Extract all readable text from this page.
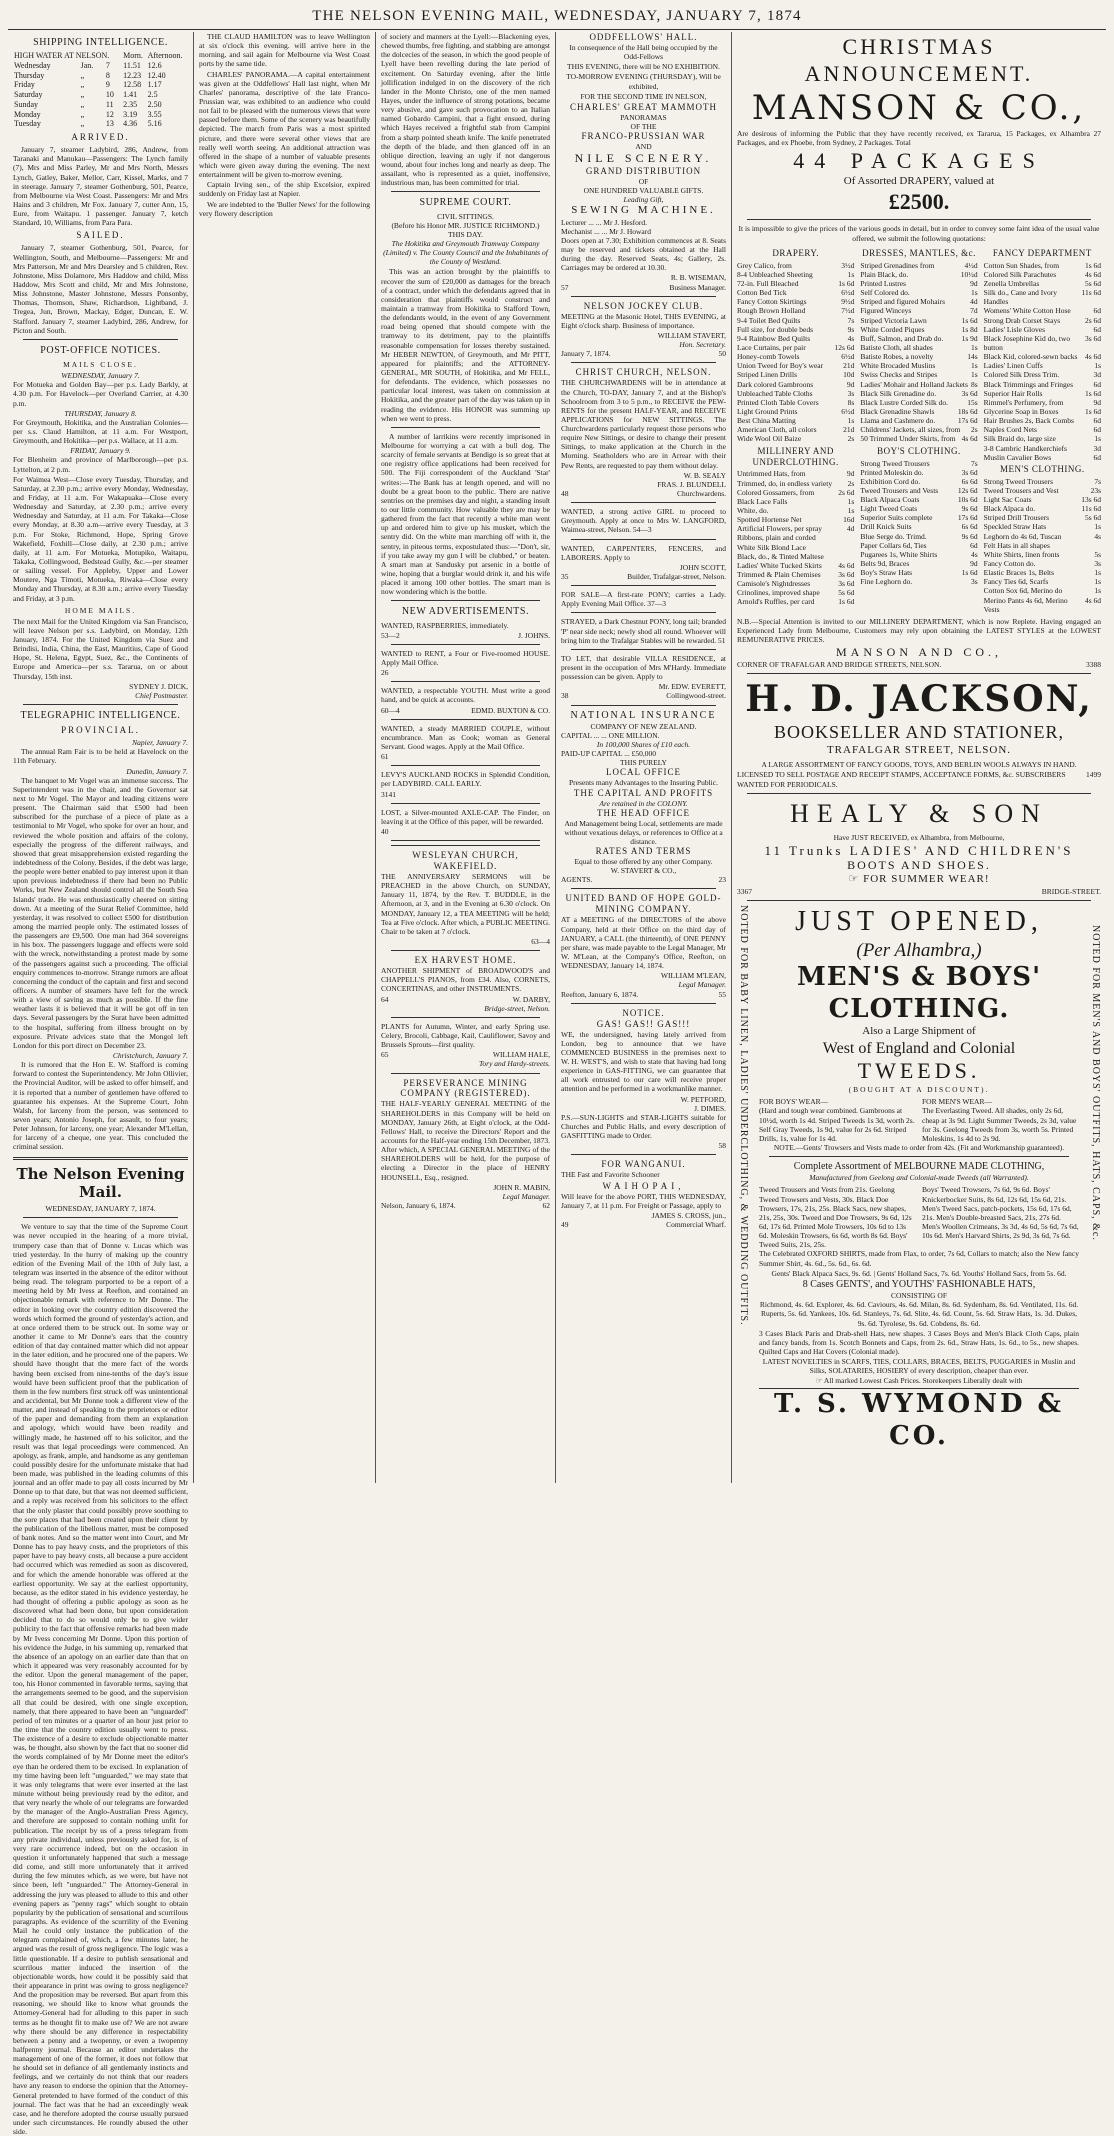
THE NELSON EVENING MAIL, WEDNESDAY, JANUARY 7, 1874
SHIPPING INTELLIGENCE.
HIGH WATER AT NELSON.			Morn.	Afternoon.
Wednesday	Jan.	7	11.51	12.6
Thursday	„	8	12.23	12.40
Friday	„	9	12.58	1.17
Saturday	„	10	1.41	2.5
Sunday	„	11	2.35	2.50
Monday	„	12	3.19	3.55
Tuesday	„	13	4.36	5.16
ARRIVED.

January 7, steamer Ladybird, 286, Andrew, from Taranaki and Manukau—Passengers: The Lynch family (7), Mrs and Miss Parley, Mr and Mrs North, Messrs Lynch, Gatley, Baker, Mellor, Carr, Kissel, Marks, and 7 in steerage. January 7, steamer Gothenburg, 501, Pearce, from Melbourne via West Coast. Passengers: Mr and Mrs Hains and 3 children, Mr Fox. January 7, cutter Ann, 15, Eure, from Waitapu. 1 passenger. January 7, ketch Standard, 10, Williams, from Para Para.

SAILED.

January 7, steamer Gothenburg, 501, Pearce, for Wellington, South, and Melbourne—Passengers: Mr and Mrs Patterson, Mr and Mrs Dearsley and 5 children, Rev. Johnstone, Miss Dolamore, Mrs Haddow and child, Miss Haddow, Mrs Scott and child, Mr and Mrs Johnstone, Miss Johnstone, Master Johnstone, Messrs Ponsonby, Thomas, Thomson, Shaw, Richardson, Lightband, J. Tregea, Jun, Brown, Mackay, Edger, Duncan, E. W. Stafford. January 7, steamer Ladybird, 286, Andrew, for Picton and South.

POST-OFFICE NOTICES.
MAILS CLOSE.
WEDNESDAY, January 7.

For Motueka and Golden Bay—per p.s. Lady Barkly, at 4.30 p.m. For Havelock—per Overland Carrier, at 4.30 p.m.

THURSDAY, January 8.

For Greymouth, Hokitika, and the Australian Colonies—per s.s. Claud Hamilton, at 11 a.m. For Westport, Greymouth, and Hokitika—per p.s. Wallace, at 11 a.m.

FRIDAY, January 9.

For Blenheim and province of Marlborough—per p.s. Lyttelton, at 2 p.m.

For Waimea West—Close every Tuesday, Thursday, and Saturday, at 2.30 p.m.; arrive every Monday, Wednesday, and Friday, at 11 a.m. For Wakapuaka—Close every Wednesday and Saturday, at 2.30 p.m.; arrive every Wednesday and Saturday, at 11 a.m. For Takaka—Close every Monday, at 8.30 a.m—arrive every Tuesday, at 3 p.m. For Stoke, Richmond, Hope, Spring Grove Wakefield, Foxhill—Close daily, at 2.30 p.m.; arrive daily, at 11 a.m. For Motueka, Motupiko, Waitapu, Takaka, Collingwood, Bedstead Gully, &c.—per steamer or sailing vessel. For Appleby, Upper and Lower Moutere, Nga Tímoti, Motueka, Riwaka—Close every Monday and Thursday, at 8.30 a.m.; arrive every Tuesday and Friday, at 3 p.m.

HOME MAILS.

The next Mail for the United Kingdom via San Francisco, will leave Nelson per s.s. Ladybird, on Monday, 12th January, 1874. For the United Kingdom via Suez and Brindisi, India, China, the East, Mauritius, Cape of Good Hope, St. Helena, Egypt, Suez, &c., the Continents of Europe and America—per s.s. Tararua, on or about Thursday, 15th inst.

SYDNEY J. DICK,
Chief Postmaster.
TELEGRAPHIC INTELLIGENCE.
PROVINCIAL.
Napier, January 7.

The annual Ram Fair is to be held at Havelock on the 11th February.

Dunedin, January 7.

The banquet to Mr Vogel was an immense success. The Superintendent was in the chair, and the Governor sat next to Mr Vogel. The Mayor and leading citizens were present. The Chairman said that £500 had been subscribed for the purchase of a piece of plate as a testimonial to Mr Vogel, who spoke for over an hour, and reviewed the whole position and affairs of the colony, especially the progress of the different railways, and showed that great misapprehension existed regarding the indebtedness of the Colony. Besides, if the debt was large, the people were better enabled to pay interest upon it than upon previous indebtedness if there had been no Public Works, but New Zealand should control all the South Sea Islands' trade. He was enthusiastically cheered on sitting down. At a meeting of the Surat Relief Committee, held yesterday, it was resolved to collect £500 for distribution among the married people only. The estimated losses of the passengers are £9,500. One man had 364 sovereigns in his box. The passengers luggage and effects were sold with the wreck, notwithstanding a protest made by some of the passengers against such a proceeding. The official enquiry commences to-morrow. Strange rumors are afloat concerning the conduct of the captain and first and second officers. A number of steamers have left for the wreck with a view of saving as much as possible. If the fine weather lasts it is believed that it will be got off in ten days. Several passengers by the Surat have been admitted to the hospital, suffering from illness brought on by exposure. Private advices state that the Mongol left London for this port direct on December 23.

Christchurch, January 7.

It is rumored that the Hon E. W. Stafford is coming forward to contest the Superintendency. Mr John Ollivier, the Provincial Auditor, will be asked to offer himself, and it is reported that a number of gentlemen have offered to guarantee his expenses. At the Supreme Court, John Walsh, for larceny from the person, was sentenced to seven years; Antonio Joseph, for assault, to four years; Peter Johnson, for larceny, one year; Alexander M'Lellan, for larceny of a cheque, one year. This concluded the criminal session.

The Nelson Evening Mail.
WEDNESDAY, JANUARY 7, 1874.

We venture to say that the time of the Supreme Court was never occupied in the hearing of a more trivial, trumpery case than that of Donne v. Lucas which was tried yesterday. In the hurry of making up the country edition of the Evening Mail of the 10th of July last, a telegram was inserted in the absence of the editor without being read. The telegram purported to be a report of a meeting held by Mr Ivess at Reefton, and contained an objectionable remark with reference to Mr Donne. The editor in looking over the country edition discovered the words which formed the ground of yesterday's action, and at once ordered them to be struck out. In some way or another it came to Mr Donne's ears that the country edition of that day contained matter which did not appear in the later edition, and he procured one of the papers. We should have thought that the mere fact of the words having been excised from nine-tenths of the day's issue would have been sufficient proof that the publication of them in the few numbers first struck off was unintentional and accidental, but Mr Donne took a different view of the matter, and instead of speaking to the proprietors or editor of the paper and demanding from them an explanation and apology, which would have been readily and willingly made, he hastened off to his solicitor, and the result was that legal proceedings were commenced. An apology, as frank, ample, and handsome as any gentleman could possibly desire for the unfortunate mistake that had been made, was published in the leading columns of this journal and an offer made to pay all costs incurred by Mr Donne up to that date, but that was not deemed sufficient, and a reply was received from his solicitors to the effect that the only plaster that could possibly prove soothing to the sore places that had been created upon their client by the publication of the libellous matter, must be composed of bank notes. And so the matter went into Court, and Mr Donne has to pay heavy costs, and the proprietors of this paper have to pay heavy costs, all because a pure accident had occurred which was remedied as soon as discovered, and for which the amende honorable was offered at the earliest opportunity. We say at the earliest opportunity, because, as the editor stated in his evidence yesterday, he had thought of offering a public apology as soon as he discovered what had been done, but upon consideration decided that to do so would only be to give wider publicity to the fact that offensive remarks had been made by Mr Ivess concerning Mr Donne. Upon this portion of his evidence the Judge, in his summing up, remarked that the absence of an apology on an earlier date than that on which it appeared was very reasonably accounted for by the editor. Upon the general management of the paper, too, his Honor commented in favorable terms, saying that the arrangements seemed to be good, and the supervision all that could be desired, with one single exception, namely, that there appeared to have been an "unguarded" period of ten minutes or a quarter of an hour just prior to the time that the country edition usually went to press. The existence of a desire to exclude objectionable matter was, he thought, also shown by the fact that no sooner did the words complained of by Mr Donne meet the editor's eye than he ordered them to be excised. In explanation of my time having been left "unguarded," we may state that it was only telegrams that were ever inserted at the last minute without being previously read by the editor, and that very nearly the whole of our telegrams are forwarded by the manager of the Anglo-Australian Press Agency, and therefore are supposed to contain nothing unfit for publication. The receipt by us of a press telegram from any private individual, unless previously asked for, is of very rare occurrence indeed, but on the occasion in question it unfortunately happened that such a message did come, and still more unfortunately that it arrived during the few minutes which, as we were, but have not since been, left "unguarded." The Attorney-General in addressing the jury was pleased to allude to this and other evening papers as "penny rags" which sought to obtain popularity by the publication of sensational and scurrilous paragraphs. As evidence of the scurrility of the Evening Mail he could only instance the publication of the telegram complained of, which, a few minutes later, he argued was the result of gross negligence. The logic was a little questionable. If a desire to publish sensational and scurrilous matter induced the insertion of the objectionable words, how could it be possibly said that their appearance in print was owing to gross negligence? And the proposition may be reversed. But apart from this reasoning, we should like to know what grounds the Attorney-General had for alluding to this paper in such terms as he thought fit to make use of? We are not aware why there should be any difference in respectability between a penny and a twopenny, or even a twopenny halfpenny journal. Because an editor undertakes the management of one of the former, it does not follow that he should set in defiance of all gentlemanly instincts and feelings, and we certainly do not think that our readers have any reason to endorse the opinion that the Attorney-General pretended to have formed of the conduct of this journal. The fact was that he had an exceedingly weak case, and he therefore adopted the course usually pursued under such circumstances. He roundly abused the other side.

THE CLAUD HAMILTON was to leave Wellington at six o'clock this evening. will arrive here in the morning, and sail again for Melbourne via West Coast ports by the same tide.

CHARLES' PANORAMA.—A capital entertainment was given at the Oddfellows' Hall last night, when Mr Charles' panorama, descriptive of the late Franco-Prussian war, was exhibited to an audience who could not fail to be pleased with the numerous views that were passed before them. Some of the scenery was beautifully depicted. The march from Paris was a most spirited picture, and there were several other views that are really well worth seeing. An additional attraction was offered in the shape of a number of valuable presents which were given away during the evening. The next entertainment will be given to-morrow evening.

Captain Irving sen., of the ship Excelsior, expired suddenly on Friday last at Napier.

We are indebted to the 'Buller News' for the following very flowery description

of society and manners at the Lyell:—Blackening eyes, chewed thumbs, free fighting, and stabbing are amongst the dolcecies of the season, in which the good people of Lyell have been revelling during the late period of excitement. On Saturday evening, after the little jollification indulged in on the discovery of the rich lander in the Monte Christo, one of the men named Hayes, under the influence of strong potations, became very abusive, and gave such provocation to an Italian named Gobardo Campini, that a fight ensued, during which Hayes received a frightful stab from Campini from a sharp pointed sheath knife. The knife penetrated the depth of the blade, and then glanced off in an oblique direction, leaving an ugly if not dangerous wound, about four inches long and nearly as deep. The assailant, who is represented as a quiet, inoffensive, industrious man, has been committed for trial.

SUPREME COURT.
CIVIL SITTINGS.
(Before his Honor MR. JUSTICE RICHMOND.)
THIS DAY.

The Hokitika and Greymouth Tramway Company (Limited) v. The County Council and the Inhabitants of the County of Westland.

This was an action brought by the plaintiffs to recover the sum of £20,000 as damages for the breach of a contract, under which the defendants agreed that in consideration that plaintiffs would construct and maintain a tramway from Hokitika to Stafford Town, the defendants would, in the event of any Government road being opened that should compete with the tramway to its detriment, pay to the plaintiffs reasonable compensation for losses thereby sustained. Mr HEBER NEWTON, of Greymouth, and Mr PITT, appeared for plaintiffs; and the ATTORNEY-GENERAL, MR SOUTH, of Hokitika, and Mr FELL, for defendants. The evidence, which possesses no particular local interest, was taken on commission at Hokitika, and the greater part of the day was taken up in reading the evidence. His HONOR was summing up when we went to press.

A number of larrikins were recently imprisoned in Melbourne for worrying a cat with a bull dog. The scarcity of female servants at Bendigo is so great that at one registry office applications had been received for 500. The Fiji correspondent of the Auckland 'Star' writes:—The Bank has at length opened, and will no doubt be a great boon to the public. There are native sentries on the premises day and night, a standing insult to our little community. How valuable they are may be gathered from the fact that recently a white man went up and ordered him to give up his musket, which the sentry did. On the white man marching off with it, the sentry, in piteous terms, expostulated thus:—"Don't, sir, if you take away my gun I will be clubbed," or beaten. A smart man at Sandusky put arsenic in a bottle of wine, hoping that a burglar would drink it, and his wife placed it among 100 other bottles. The smart man is now wondering which is the bottle.

NEW ADVERTISEMENTS.

WANTED, RASPBERRIES, immediately.

53—2	J. JOHNS.

WANTED to RENT, a Four or Five-roomed HOUSE. Apply Mail Office.

26

WANTED, a respectable YOUTH. Must write a good hand, and be quick at accounts.

60—4	EDMD. BUXTON & CO.

WANTED, a steady MARRIED COUPLE, without encumbrance. Man as Cook; woman as General Servant. Good wages. Apply at the Mail Office.

61

LEVY'S AUCKLAND ROCKS in Splendid Condition, per LADYBIRD. CALL EARLY.

3141

LOST, a Silver-mounted AXLE-CAP. The Finder, on leaving it at the Office of this paper, will be rewarded.

40
WESLEYAN CHURCH, WAKEFIELD.

THE ANNIVERSARY SERMONS will be PREACHED in the above Church, on SUNDAY, January 11, 1874, by the Rev. T. BUDDLE, in the Afternoon, at 3, and in the Evening at 6.30 o'clock. On MONDAY, January 12, a TEA MEETING will be held; Tea at Five o'clock. After which, a PUBLIC MEETING. Chair to be taken at 7 o'clock.

63—4
EX HARVEST HOME.

ANOTHER SHIPMENT of BROADWOOD'S and CHAPPELL'S PIANOS, from £34. Also, CORNETS, CONCERTINAS, and other INSTRUMENTS.

64	W. DARBY,
Bridge-street, Nelson.

PLANTS for Autumn, Winter, and early Spring use. Celery, Brocoli, Cabbage, Kail, Cauliflower, Savoy and Brussels Sprouts—first quality.

65	WILLIAM HALE,
Tory and Hardy-streets.
PERSEVERANCE MINING COMPANY (REGISTERED).

THE HALF-YEARLY GENERAL MEETING of the SHAREHOLDERS in this Company will be held on MONDAY, January 26th, at Eight o'clock, at the Odd-Fellows' Hall, to receive the Directors' Report and the accounts for the Half-year ending 15th December, 1873. After which, A SPECIAL GENERAL MEETING of the SHAREHOLDERS will be held, for the purpose of electing a Director in the place of HENRY HOUNSELL, Esq., resigned.

JOHN R. MABIN,
Legal Manager.
Nelson, January 6, 1874.	62
ODDFELLOWS' HALL.

In consequence of the Hall being occupied by the Odd-Fellows

THIS EVENING, there will be NO EXHIBITION.

TO-MORROW EVENING (THURSDAY), Will be exhibited,

FOR THE SECOND TIME IN NELSON,

CHARLES' GREAT MAMMOTH
PANORAMAS
OF THE
FRANCO-PRUSSIAN WAR
AND
NILE SCENERY.
GRAND DISTRIBUTION
OF
ONE HUNDRED VALUABLE GIFTS.
Leading Gift,
SEWING MACHINE.
Lecturer ... ... Mr J. Hesford.
Mechanist ... ... Mr J. Howard

Doors open at 7.30; Exhibition commences at 8. Seats may be reserved and tickets obtained at the Hall during the day. Reserved Seats, 4s; Gallery, 2s. Carriages may be ordered at 10.30.

R. B. WISEMAN,
57	Business Manager.
NELSON JOCKEY CLUB.

MEETING at the Masonic Hotel, THIS EVENING, at Eight o'clock sharp. Business of importance.

WILLIAM STAVERT,
Hon. Secretary.
January 7, 1874.	50
CHRIST CHURCH, NELSON.

THE CHURCHWARDENS will be in attendance at the Church, TO-DAY, January 7, and at the Bishop's Schoolroom from 3 to 5 p.m., to RECEIVE the PEW-RENTS for the present HALF-YEAR, and RECEIVE APPLICATIONS for NEW SITTINGS. The Churchwardens particularly request those persons who require New Sittings, or desire to change their present Sittings, to make application at the Church in the Morning. Seatholders who are in Arrear with their Pew Rents, are requested to pay them without delay.

W. B. SEALY
FRAS. J. BLUNDELL
48	Churchwardens.

WANTED, a strong active GIRL to proceed to Greymouth. Apply at once to Mrs W. LANGFORD, Waimea-street, Nelson. 54—3

WANTED, CARPENTERS, FENCERS, and LABORERS. Apply to

JOHN SCOTT,
35	Builder, Trafalgar-street, Nelson.

FOR SALE—A first-rate PONY; carries a Lady. Apply Evening Mail Office. 37—3

STRAYED, a Dark Chestnut PONY, long tail; branded 'P' near side neck; newly shod all round. Whoever will bring him to the Trafalgar Stables will be rewarded. 51

TO LET, that desirable VILLA RESIDENCE, at present in the occupation of Mrs M'Hardy. Immediate possession can be given. Apply to

Mr. EDW. EVERETT,
38	Collingwood-street.
NATIONAL INSURANCE
COMPANY OF NEW ZEALAND.
CAPITAL ... ... ONE MILLION.
In 100,000 Shares of £10 each.
PAID-UP CAPITAL ... £50,000
THIS PURELY
LOCAL OFFICE
Presents many Advantages to the Insuring Public.
THE CAPITAL AND PROFITS
Are retained in the COLONY.
THE HEAD OFFICE
And Management being Local, settlements are made without vexatious delays, or references to Office at a distance.
RATES AND TERMS
Equal to those offered by any other Company.
W. STAVERT & CO.,
AGENTS.	23
UNITED BAND OF HOPE GOLD-MINING COMPANY.

AT a MEETING of the DIRECTORS of the above Company, held at their Office on the third day of JANUARY, a CALL (the thirteenth), of ONE PENNY per share, was made payable to the Legal Manager, Mr W. M'Lean, at the Company's Office, Reefton, on WEDNESDAY, January 14, 1874.

WILLIAM M'LEAN,
Legal Manager.
Reefton, January 6, 1874.	55
NOTICE.
GAS! GAS!! GAS!!!

WE, the undersigned, having lately arrived from London, beg to announce that we have COMMENCED BUSINESS in the premises next to W. H. WEST'S, and wish to state that having had long experience in GAS-FITTING, we can guarantee that all work entrusted to our care will receive proper attention and be performed in a workmanlike manner.

W. PETFORD,
J. DIMES.

P.S.—SUN-LIGHTS and STAR-LIGHTS suitable for Churches and Public Halls, and every description of GASFITTING made to Order.

58
FOR WANGANUI.

THE Fast and Favorite Schooner

WAIHOPAI,

Will leave for the above PORT, THIS WEDNESDAY, January 7, at 11 p.m. For Freight or Passage, apply to

JAMES S. CROSS, jun.,
49	Commercial Wharf.
CHRISTMAS ANNOUNCEMENT.
MANSON & CO.,

Are desirous of informing the Public that they have recently received, ex Tararua, 15 Packages, ex Alhambra 27 Packages, and ex Phoebe, from Sydney, 2 Packages. Total

44 PACKAGES
Of Assorted DRAPERY, valued at
£2500.

It is impossible to give the prices of the various goods in detail, but in order to convey some faint idea of the usual value offered, we submit the following quotations:

DRAPERY.
Grey Calico, from	3½d
8-4 Unbleached Sheeting	1s
72-in. Full Bleached	1s 6d
Cotton Bed Tick	6½d
Fancy Cotton Skirtings	9½d
Rough Brown Holland	7½d
9-4 Toilet Bed Quilts	7s
Full size, for double beds	9s
9-4 Rainbow Bed Quilts	4s
Lace Curtains, per pair	12s 6d
Honey-comb Towels	6½d
Union Tweed for Boy's wear	21d
Striped Linen Drills	10d
Dark colored Gambroons	9d
Unbleached Table Cloths	3s
Printed Cloth Table Covers	8s
Light Ground Prints	6½d
Best China Matting	1s
American Cloth, all colors	21d
Wide Wool Oil Baize	2s
MILLINERY AND UNDERCLOTHING.
Untrimmed Hats, from	9d
Trimmed, do, in endless variety 2s
Colored Gossamers, from	2s 6d
Black Lace Falls	1s
White, do.	1s
Spotted Hortense Net	16d
Artificial Flowers, per spray	4d
Ribbons, plain and corded
White Silk Blond Lace
Black, do., & Tinted Maltese
Ladies' White Tucked Skirts 4s 6d
Trimmed & Plain Chemises 3s 6d
Camisole's Nightdresses	3s 6d
Crinolines, improved shape 5s 6d
Arnold's Ruffles, per card	1s 6d
DRESSES, MANTLES, &c.
Striped Grenadines from	4½d
Plain Black, do.	10½d
Printed Lustres	9d
Self Colored do.	1s
Striped and figured Mohairs	4d
Figured Winceys	7d
Striped Victoria Lawn	1s 6d
White Corded Piques	1s 8d
Buff, Salmon, and Drab do. 1s 9d
Batiste Cloth, all shades	1s
Batiste Robes, a novelty	14s
White Brocaded Muslins	1s
Swiss Checks and Stripes	1s
Ladies' Mohair and Holland Jackets 8s
Black Silk Grenadine do.	3s 6d
Black Lustre Corded Silk do.	15s
Black Grenadine Shawls	18s 6d
Llama and Cashmere do.	17s 6d
Childrens' Jackets, all sizes, from 2s
50 Trimmed Under Skirts, from 4s 6d
BOY'S CLOTHING.
Strong Tweed Trousers	7s
Printed Moleskin do.	3s 6d
Exhibition Cord do.	6s 6d
Tweed Trousers and Vests	12s 6d
Black Alpaca Coats	10s 6d
Light Tweed Coats	9s 6d
Superior Suits complete	17s 6d
Drill Knick Suits	6s 6d
Blue Serge do. Trimd.	9s 6d
Paper Collars 6d, Ties	6d
Pugarees 1s, White Shirts	4s
Belts 9d, Braces	9d
Boy's Straw Hats	1s 6d
Fine Leghorn do.	3s
FANCY DEPARTMENT
Cotton Sun Shades, from	1s 6d
Colored Silk Parachutes	4s 6d
Zenella Umbrellas	5s 6d
Silk do., Cane and Ivory Handles
11s 6d
Womens' White Cotton Hose	6d
Strong Drab Corset Stays	2s 6d
Ladies' Lisle Gloves	6d
Black Josephine Kid do, two button
3s 6d
Black Kid, colored-sewn backs 4s 6d
Ladies' Linen Cuffs	1s
Colored Silk Dress Trim.	3d
Black Trimmings and Fringes	6d
Superior Hair Rolls	1s 6d
Rimmel's Perfumery, from	9d
Glycerine Soap in Boxes	1s 6d
Hair Brushes 2s, Back Combs	6d
Naples Cord Nets	6d
Silk Braid do, large size	1s
3-8 Cambric Handkerchiefs	3d
Muslin Cavalier Bows	6d
MEN'S CLOTHING.
Strong Tweed Trousers	7s
Tweed Trousers and Vest	23s
Light Sac Coats	13s 6d
Black Alpaca do.	11s 6d
Striped Drill Trousers	5s 6d
Speckled Straw Hats	1s
Leghorn do 4s 6d, Tuscan	4s
Felt Hats in all shapes
White Shirts, linen fronts	5s
Fancy Cotton do.	3s
Elastic Braces 1s, Belts	1s
Fancy Ties 6d, Scarfs	1s
Cotton Sox 6d, Merino do	1s
Merino Pants 4s 6d, Merino Vests
4s 6d

N.B.—Special Attention is invited to our MILLINERY DEPARTMENT, which is now Replete. Having engaged an Experienced Lady from Melbourne, Customers may rely upon obtaining the LATEST STYLES at the LOWEST REMUNERATIVE PRICES.

MANSON AND CO.,
CORNER OF TRAFALGAR AND BRIDGE STREETS, NELSON.	3388
H. D. JACKSON,
BOOKSELLER AND STATIONER,
TRAFALGAR STREET, NELSON.

A LARGE ASSORTMENT OF FANCY GOODS, TOYS, AND BERLIN WOOLS ALWAYS IN HAND.

LICENSED TO SELL POSTAGE AND RECEIPT STAMPS, ACCEPTANCE FORMS, &c. SUBSCRIBERS WANTED FOR PERIODICALS.
1499
HEALY & SON
Have JUST RECEIVED, ex Alhambra, from Melbourne,
11 Trunks LADIES' AND CHILDREN'S
BOOTS AND SHOES.
☞ FOR SUMMER WEAR!
3367	BRIDGE-STREET.
NOTED FOR BABY LINEN, LADIES' UNDERCLOTHING, & WEDDING OUTFITS.	NOTED FOR MEN'S AND BOYS' OUTFITS, HATS, CAPS, &c.
JUST OPENED,
(Per Alhambra,)
MEN'S & BOYS' CLOTHING.
Also a Large Shipment of
West of England and Colonial
TWEEDS.
(BOUGHT AT A DISCOUNT).
FOR BOYS' WEAR—
(Hard and tough wear combined. Gambroons at 10½d, worth 1s 4d. Striped Tweeds 1s 3d, worth 2s. Self Gray Tweeds, 1s 9d, value for 2s 6d. Striped Drills, 1s, value for 1s 4d.
FOR MEN'S WEAR—
The Everlasting Tweed. All shades, only 2s 6d, cheap at 3s 9d. Light Summer Tweeds, 2s 3d, value for 3s. Geelong Tweeds from 3s, worth 5s. Printed Moleskins, 1s 4d to 2s 9d.

NOTE.—Gents' Trowsers and Vests made to order from 42s. (Fit and Workmanship guaranteed).

Complete Assortment of MELBOURNE MADE CLOTHING,
Manufactured from Geelong and Colonial-made Tweeds (all Warranted).
Tweed Trousers and Vests from 21s. Geelong Tweed Trowsers and Vests, 30s. Black Doe Trowsers, 17s, 21s, 25s. Black Sacs, new shapes, 21s, 25s, 30s. Tweed and Doe Trowsers, 9s 6d, 12s 6d, 17s 6d. Printed Mole Trowsers, 10s 6d to 13s 6d. Moleskin Trowsers, 6s 6d, worth 8s 6d. Boys' Tweed Suits, 21s, 25s.
Boys' Tweed Trowsers, 7s 6d, 9s 6d. Boys' Knickerbocker Suits, 8s 6d, 12s 6d, 15s 6d, 21s. Men's Tweed Sacs, patch-pockets, 15s 6d, 17s 6d, 21s. Men's Double-breasted Sacs, 21s, 27s 6d. Men's Woollen Crimeans, 3s 3d, 4s 6d, 5s 6d, 7s 6d, 10s 6d. Men's Harvard Shirts, 2s 9d, 3s 6d, 7s 6d.

The Celebrated OXFORD SHIRTS, made from Flax, to order, 7s 6d, Collars to match; also the New fancy Summer Shirt, 4s. 6d., 5s. 6d., 6s. 6d.

Gents' Black Alpaca Sacs, 9s. 6d. | Gents' Holland Sacs, 7s. 6d. Youths' Holland Sacs, from 5s. 6d.

8 Cases GENTS', and YOUTHS' FASHIONABLE HATS,
CONSISTING OF

Richmond, 4s. 6d. Explorer, 4s. 6d. Caviours, 4s. 6d. Milan, 8s. 6d. Sydenham, 8s. 6d. Ventilated, 11s. 6d. Ruperts, 5s. 6d. Yankees, 10s. 6d. Stanleys, 7s. 6d. Slite, 4s. 6d. Count, 5s. 6d. Straw Hats, 1s. 3d. Dukes, 9s. 6d. Tyrolese, 9s. 6d. Cobdens, 8s. 6d.

3 Cases Black Paris and Drab-shell Hats, new shapes. 3 Cases Boys and Men's Black Cloth Caps, plain and fancy bands, from 1s. Scotch Bonnets and Caps, from 2s. 6d., Straw Hats, 1s. 6d., to 5s., new shapes. Quilted Caps and Hat Covers (Colonial made).

LATEST NOVELTIES in SCARFS, TIES, COLLARS, BRACES, BELTS, PUGGARIES in Muslin and Silks, SOLATARIES, HOSIERY of every description, cheaper than ever.

☞ All marked Lowest Cash Prices. Storekeepers Liberally dealt with
T. S. WYMOND & CO.
